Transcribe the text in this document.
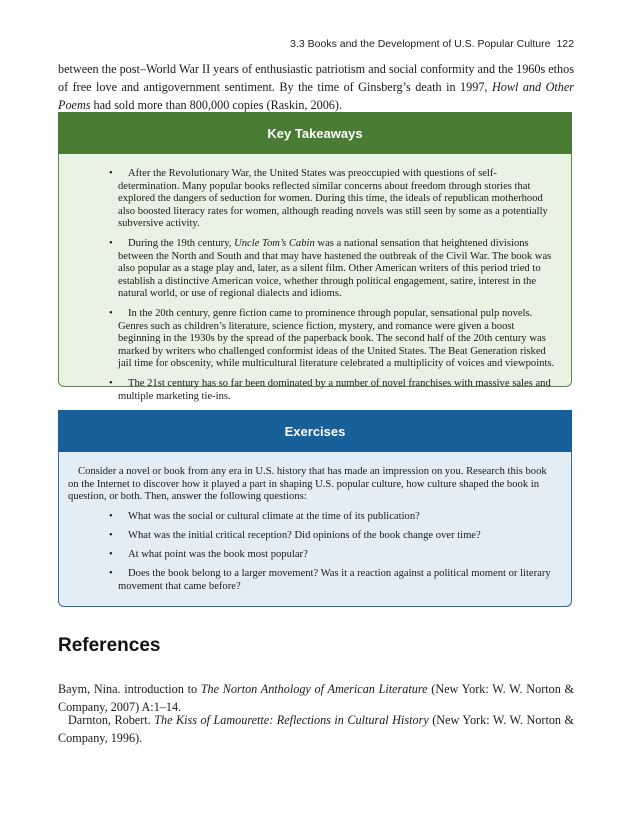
3.3 Books and the Development of U.S. Popular Culture 122

between the post–World War II years of enthusiastic patriotism and social conformity and the 1960s ethos of free love and antigovernment sentiment. By the time of Ginsberg’s death in 1997, Howl and Other Poems had sold more than 800,000 copies (Raskin, 2006).

Key Takeaways
• After the Revolutionary War, the United States was preoccupied with questions of self-determination. Many popular books reflected similar concerns about freedom through stories that explored the dangers of seduction for women. During this time, the ideals of republican motherhood also boosted literacy rates for women, although reading novels was still seen by some as a potentially subversive activity.
• During the 19th century, Uncle Tom’s Cabin was a national sensation that heightened divisions between the North and South and that may have hastened the outbreak of the Civil War. The book was also popular as a stage play and, later, as a silent film. Other American writers of this period tried to establish a distinctive American voice, whether through political engagement, satire, interest in the natural world, or use of regional dialects and idioms.
• In the 20th century, genre fiction came to prominence through popular, sensational pulp novels. Genres such as children’s literature, science fiction, mystery, and romance were given a boost beginning in the 1930s by the spread of the paperback book. The second half of the 20th century was marked by writers who challenged conformist ideas of the United States. The Beat Generation risked jail time for obscenity, while multicultural literature celebrated a multiplicity of voices and viewpoints.
• The 21st century has so far been dominated by a number of novel franchises with massive sales and multiple marketing tie-ins.
Exercises

Consider a novel or book from any era in U.S. history that has made an impression on you. Research this book on the Internet to discover how it played a part in shaping U.S. popular culture, how culture shaped the book in question, or both. Then, answer the following questions:

• What was the social or cultural climate at the time of its publication?
• What was the initial critical reception? Did opinions of the book change over time?
• At what point was the book most popular?
• Does the book belong to a larger movement? Was it a reaction against a political moment or literary movement that came before?
References

Baym, Nina. introduction to The Norton Anthology of American Literature (New York: W. W. Norton & Company, 2007) A:1–14.

Darnton, Robert. The Kiss of Lamourette: Reflections in Cultural History (New York: W. W. Norton & Company, 1996).
